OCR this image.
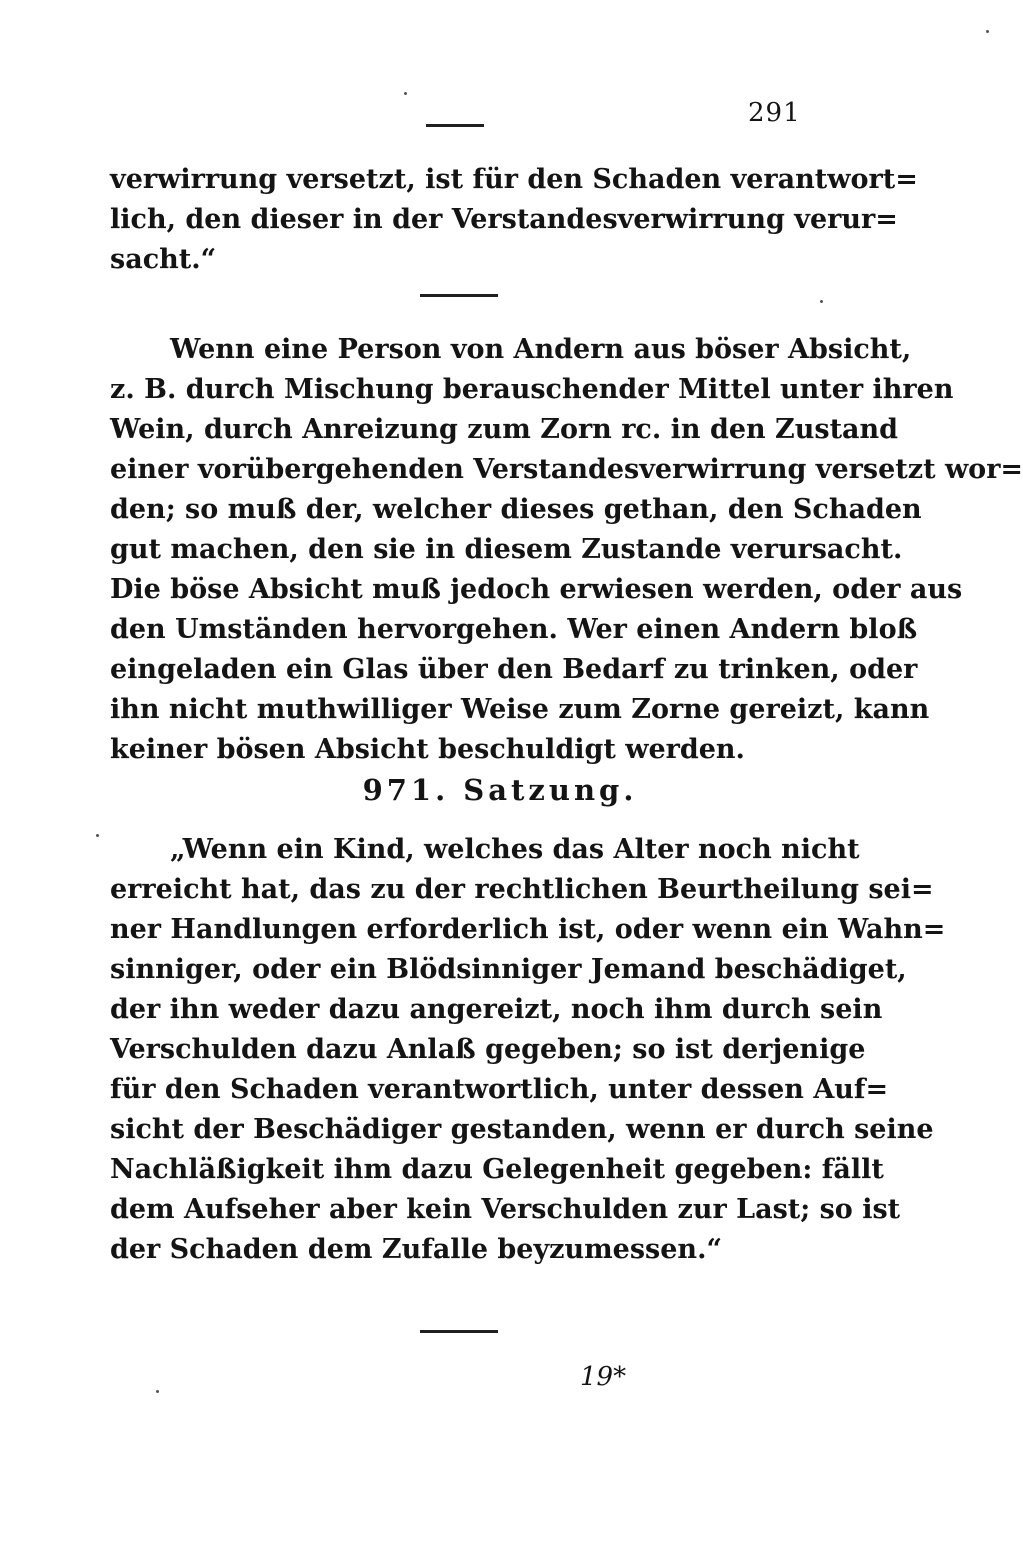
291
verwirrung versetzt, ist für den Schaden verantwort=
lich, den dieser in der Verstandesverwirrung verur=
sacht.“
Wenn eine Person von Andern aus böser Absicht,
z. B. durch Mischung berauschender Mittel unter ihren
Wein, durch Anreizung zum Zorn rc. in den Zustand
einer vorübergehenden Verstandesverwirrung versetzt wor=
den; so muß der, welcher dieses gethan, den Schaden
gut machen, den sie in diesem Zustande verursacht.
Die böse Absicht muß jedoch erwiesen werden, oder aus
den Umständen hervorgehen. Wer einen Andern bloß
eingeladen ein Glas über den Bedarf zu trinken, oder
ihn nicht muthwilliger Weise zum Zorne gereizt, kann
keiner bösen Absicht beschuldigt werden.
971. Satzung.
„Wenn ein Kind, welches das Alter noch nicht
erreicht hat, das zu der rechtlichen Beurtheilung sei=
ner Handlungen erforderlich ist, oder wenn ein Wahn=
sinniger, oder ein Blödsinniger Jemand beschädiget,
der ihn weder dazu angereizt, noch ihm durch sein
Verschulden dazu Anlaß gegeben; so ist derjenige
für den Schaden verantwortlich, unter dessen Auf=
sicht der Beschädiger gestanden, wenn er durch seine
Nachläßigkeit ihm dazu Gelegenheit gegeben: fällt
dem Aufseher aber kein Verschulden zur Last; so ist
der Schaden dem Zufalle beyzumessen.“
19*
